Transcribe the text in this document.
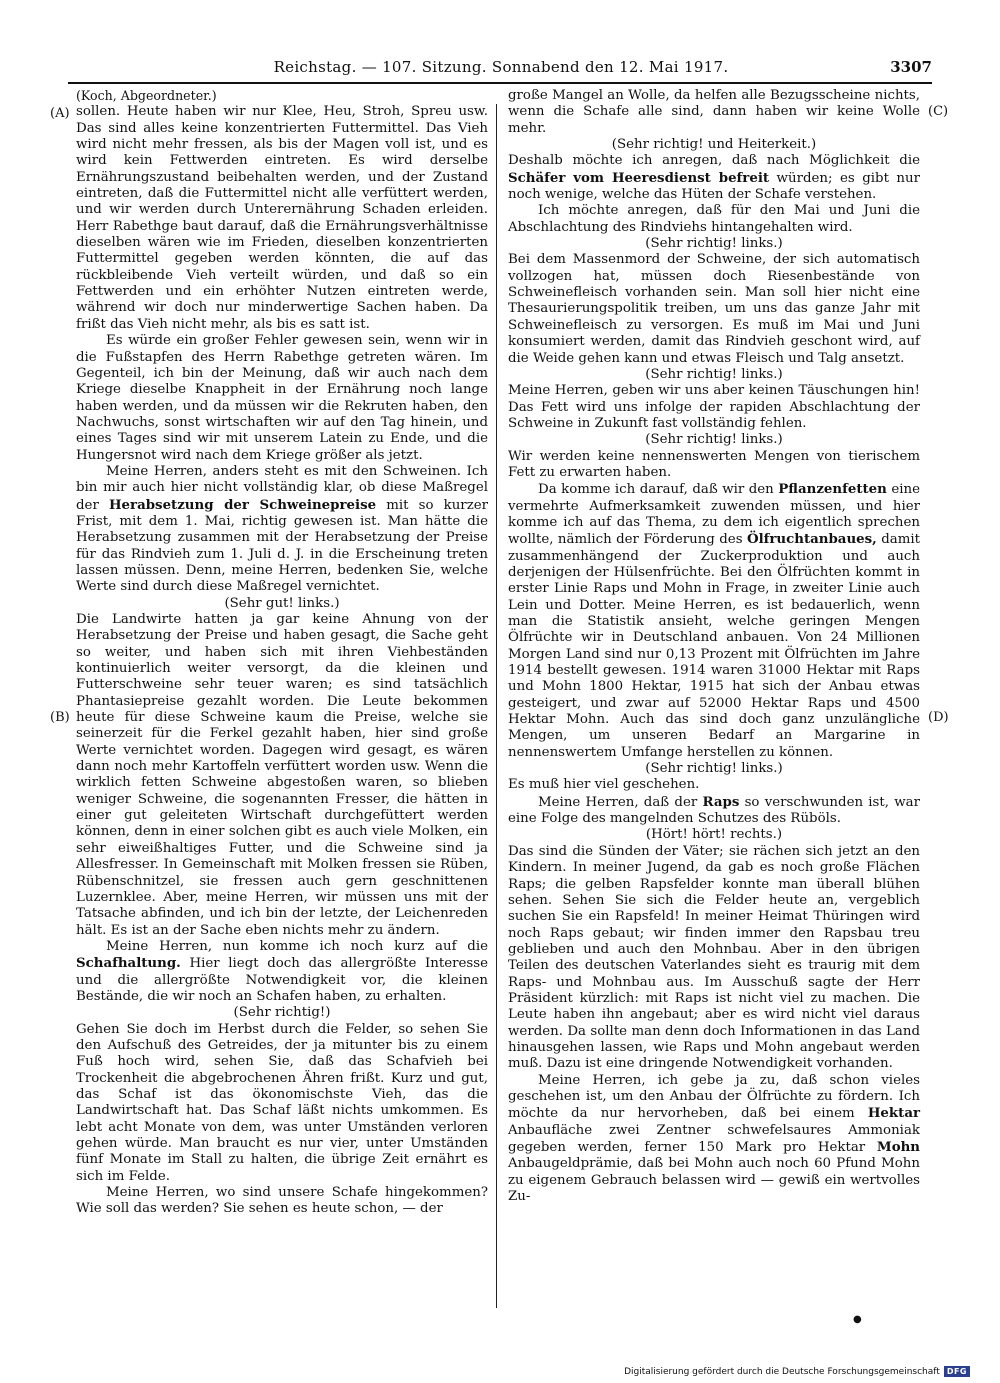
Reichstag. — 107. Sitzung. Sonnabend den 12. Mai 1917.	3307
(A)
(B)
(C)
(D)

(Koch, Abgeordneter.)

sollen. Heute haben wir nur Klee, Heu, Stroh, Spreu usw. Das sind alles keine konzentrierten Futtermittel. Das Vieh wird nicht mehr fressen, als bis der Magen voll ist, und es wird kein Fettwerden eintreten. Es wird derselbe Ernährungszustand beibehalten werden, und der Zustand eintreten, daß die Futtermittel nicht alle verfüttert werden, und wir werden durch Unterernährung Schaden erleiden. Herr Rabethge baut darauf, daß die Ernährungsverhältnisse dieselben wären wie im Frieden, dieselben konzentrierten Futtermittel gegeben werden könnten, die auf das rückbleibende Vieh verteilt würden, und daß so ein Fettwerden und ein erhöhter Nutzen eintreten werde, während wir doch nur minderwertige Sachen haben. Da frißt das Vieh nicht mehr, als bis es satt ist.

Es würde ein großer Fehler gewesen sein, wenn wir in die Fußstapfen des Herrn Rabethge getreten wären. Im Gegenteil, ich bin der Meinung, daß wir auch nach dem Kriege dieselbe Knappheit in der Ernährung noch lange haben werden, und da müssen wir die Rekruten haben, den Nachwuchs, sonst wirtschaften wir auf den Tag hinein, und eines Tages sind wir mit unserem Latein zu Ende, und die Hungersnot wird nach dem Kriege größer als jetzt.

Meine Herren, anders steht es mit den Schweinen. Ich bin mir auch hier nicht vollständig klar, ob diese Maßregel der Herabsetzung der Schweinepreise mit so kurzer Frist, mit dem 1. Mai, richtig gewesen ist. Man hätte die Herabsetzung zusammen mit der Herabsetzung der Preise für das Rindvieh zum 1. Juli d. J. in die Erscheinung treten lassen müssen. Denn, meine Herren, bedenken Sie, welche Werte sind durch diese Maßregel vernichtet.

(Sehr gut! links.)

Die Landwirte hatten ja gar keine Ahnung von der Herabsetzung der Preise und haben gesagt, die Sache geht so weiter, und haben sich mit ihren Viehbeständen kontinuierlich weiter versorgt, da die kleinen und Futterschweine sehr teuer waren; es sind tatsächlich Phantasiepreise gezahlt worden. Die Leute bekommen heute für diese Schweine kaum die Preise, welche sie seinerzeit für die Ferkel gezahlt haben, hier sind große Werte vernichtet worden. Dagegen wird gesagt, es wären dann noch mehr Kartoffeln verfüttert worden usw. Wenn die wirklich fetten Schweine abgestoßen waren, so blieben weniger Schweine, die sogenannten Fresser, die hätten in einer gut geleiteten Wirtschaft durchgefüttert werden können, denn in einer solchen gibt es auch viele Molken, ein sehr eiweißhaltiges Futter, und die Schweine sind ja Allesfresser. In Gemeinschaft mit Molken fressen sie Rüben, Rübenschnitzel, sie fressen auch gern geschnittenen Luzernklee. Aber, meine Herren, wir müssen uns mit der Tatsache abfinden, und ich bin der letzte, der Leichenreden hält. Es ist an der Sache eben nichts mehr zu ändern.

Meine Herren, nun komme ich noch kurz auf die Schafhaltung. Hier liegt doch das allergrößte Interesse und die allergrößte Notwendigkeit vor, die kleinen Bestände, die wir noch an Schafen haben, zu erhalten.

(Sehr richtig!)

Gehen Sie doch im Herbst durch die Felder, so sehen Sie den Aufschuß des Getreides, der ja mitunter bis zu einem Fuß hoch wird, sehen Sie, daß das Schafvieh bei Trockenheit die abgebrochenen Ähren frißt. Kurz und gut, das Schaf ist das ökonomischste Vieh, das die Landwirtschaft hat. Das Schaf läßt nichts umkommen. Es lebt acht Monate von dem, was unter Umständen verloren gehen würde. Man braucht es nur vier, unter Umständen fünf Monate im Stall zu halten, die übrige Zeit ernährt es sich im Felde.

Meine Herren, wo sind unsere Schafe hingekommen? Wie soll das werden? Sie sehen es heute schon, — der

große Mangel an Wolle, da helfen alle Bezugsscheine nichts, wenn die Schafe alle sind, dann haben wir keine Wolle mehr.

(Sehr richtig! und Heiterkeit.)

Deshalb möchte ich anregen, daß nach Möglichkeit die Schäfer vom Heeresdienst befreit würden; es gibt nur noch wenige, welche das Hüten der Schafe verstehen.

Ich möchte anregen, daß für den Mai und Juni die Abschlachtung des Rindviehs hintangehalten wird.

(Sehr richtig! links.)

Bei dem Massenmord der Schweine, der sich automatisch vollzogen hat, müssen doch Riesenbestände von Schweinefleisch vorhanden sein. Man soll hier nicht eine Thesaurierungspolitik treiben, um uns das ganze Jahr mit Schweinefleisch zu versorgen. Es muß im Mai und Juni konsumiert werden, damit das Rindvieh geschont wird, auf die Weide gehen kann und etwas Fleisch und Talg ansetzt.

(Sehr richtig! links.)

Meine Herren, geben wir uns aber keinen Täuschungen hin! Das Fett wird uns infolge der rapiden Abschlachtung der Schweine in Zukunft fast vollständig fehlen.

(Sehr richtig! links.)

Wir werden keine nennenswerten Mengen von tierischem Fett zu erwarten haben.

Da komme ich darauf, daß wir den Pflanzenfetten eine vermehrte Aufmerksamkeit zuwenden müssen, und hier komme ich auf das Thema, zu dem ich eigentlich sprechen wollte, nämlich der Förderung des Ölfruchtanbaues, damit zusammenhängend der Zuckerproduktion und auch derjenigen der Hülsenfrüchte. Bei den Ölfrüchten kommt in erster Linie Raps und Mohn in Frage, in zweiter Linie auch Lein und Dotter. Meine Herren, es ist bedauerlich, wenn man die Statistik ansieht, welche geringen Mengen Ölfrüchte wir in Deutschland anbauen. Von 24 Millionen Morgen Land sind nur 0,13 Prozent mit Ölfrüchten im Jahre 1914 bestellt gewesen. 1914 waren 31000 Hektar mit Raps und Mohn 1800 Hektar, 1915 hat sich der Anbau etwas gesteigert, und zwar auf 52000 Hektar Raps und 4500 Hektar Mohn. Auch das sind doch ganz unzulängliche Mengen, um unseren Bedarf an Margarine in nennenswertem Umfange herstellen zu können.

(Sehr richtig! links.)

Es muß hier viel geschehen.

Meine Herren, daß der Raps so verschwunden ist, war eine Folge des mangelnden Schutzes des Rüböls.

(Hört! hört! rechts.)

Das sind die Sünden der Väter; sie rächen sich jetzt an den Kindern. In meiner Jugend, da gab es noch große Flächen Raps; die gelben Rapsfelder konnte man überall blühen sehen. Sehen Sie sich die Felder heute an, vergeblich suchen Sie ein Rapsfeld! In meiner Heimat Thüringen wird noch Raps gebaut; wir finden immer den Rapsbau treu geblieben und auch den Mohnbau. Aber in den übrigen Teilen des deutschen Vaterlandes sieht es traurig mit dem Raps- und Mohnbau aus. Im Ausschuß sagte der Herr Präsident kürzlich: mit Raps ist nicht viel zu machen. Die Leute haben ihn angebaut; aber es wird nicht viel daraus werden. Da sollte man denn doch Informationen in das Land hinausgehen lassen, wie Raps und Mohn angebaut werden muß. Dazu ist eine dringende Notwendigkeit vorhanden.

Meine Herren, ich gebe ja zu, daß schon vieles geschehen ist, um den Anbau der Ölfrüchte zu fördern. Ich möchte da nur hervorheben, daß bei einem Hektar Anbaufläche zwei Zentner schwefelsaures Ammoniak gegeben werden, ferner 150 Mark pro Hektar Mohn Anbaugeldprämie, daß bei Mohn auch noch 60 Pfund Mohn zu eigenem Gebrauch belassen wird — gewiß ein wertvolles Zu-

●
Digitalisierung gefördert durch die Deutsche Forschungsgemeinschaft DFG
